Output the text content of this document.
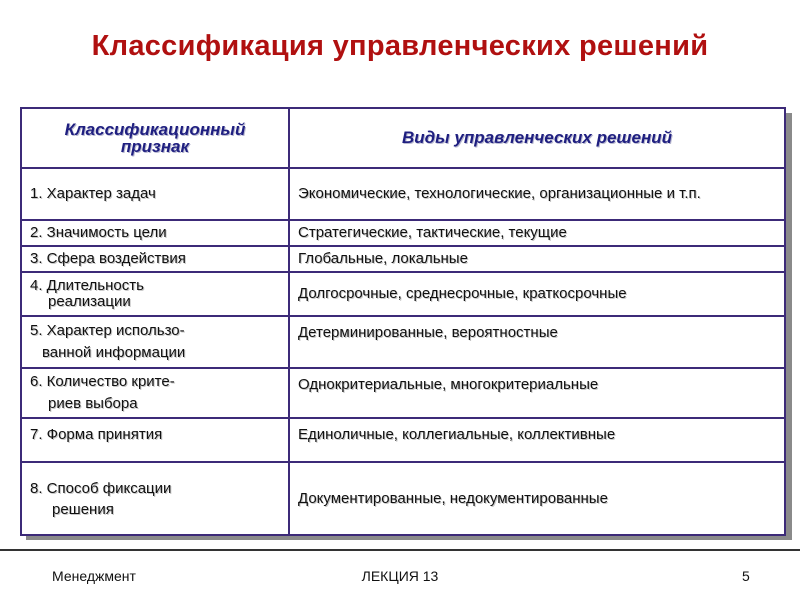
Классификация управленческих решений
Классификационный признак	Виды управленческих решений
1. Характер задач	Экономические, технологические, организационные и т.п.
2. Значимость цели	Стратегические, тактические, текущие
3. Сфера воздействия	Глобальные, локальные
4. Длительность
реализации	Долгосрочные, среднесрочные, краткосрочные
5. Характер использо-
ванной информации	Детерминированные, вероятностные
6. Количество крите-
риев выбора	Однокритериальные, многокритериальные
7. Форма принятия	Единоличные, коллегиальные, коллективные
8. Способ фиксации
решения	Документированные, недокументированные
Менеджмент	ЛЕКЦИЯ 13	5
